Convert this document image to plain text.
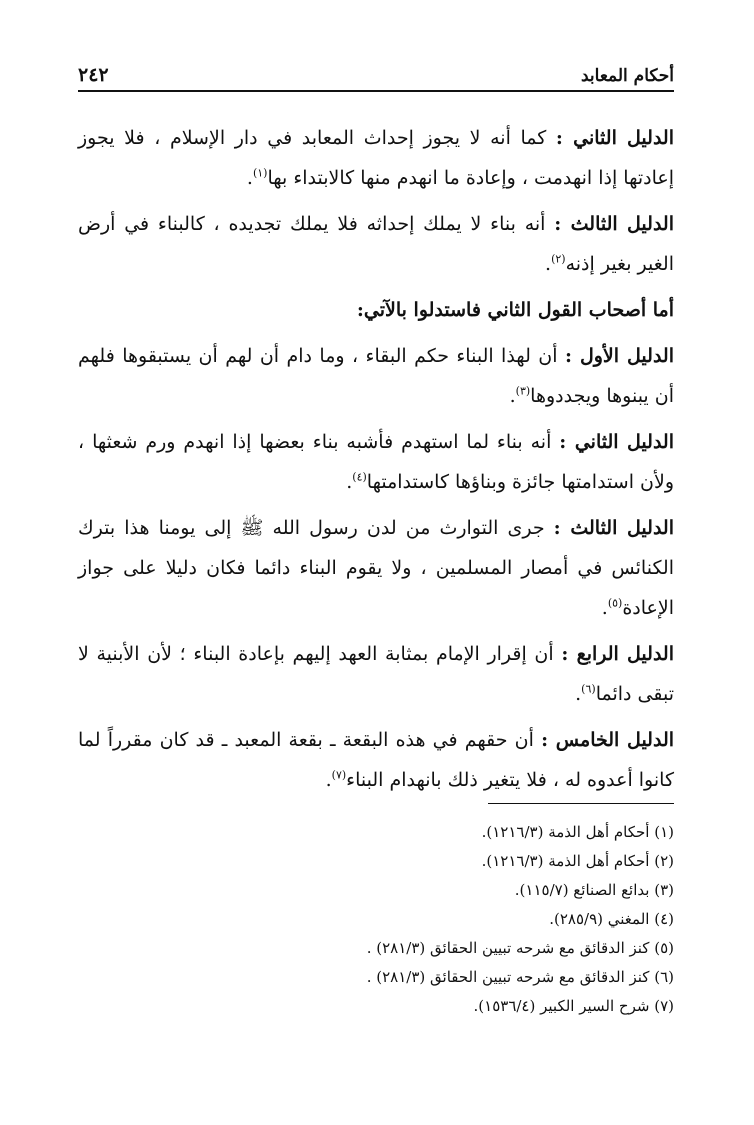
أحكام المعابد
٢٤٢

الدليل الثاني : كما أنه لا يجوز إحداث المعابد في دار الإسلام ، فلا يجوز إعادتها إذا انهدمت ، وإعادة ما انهدم منها كالابتداء بها$^{(١)}$.

الدليل الثالث : أنه بناء لا يملك إحداثه فلا يملك تجديده ، كالبناء في أرض الغير بغير إذنه$^{(٢)}$.

أما أصحاب القول الثاني فاستدلوا بالآتي:

الدليل الأول : أن لهذا البناء حكم البقاء ، وما دام أن لهم أن يستبقوها فلهم أن يبنوها ويجددوها$^{(٣)}$.

الدليل الثاني : أنه بناء لما استهدم فأشبه بناء بعضها إذا انهدم ورم شعثها ، ولأن استدامتها جائزة وبناؤها كاستدامتها$^{(٤)}$.

الدليل الثالث : جرى التوارث من لدن رسول الله ﷺ إلى يومنا هذا بترك الكنائس في أمصار المسلمين ، ولا يقوم البناء دائما فكان دليلا على جواز الإعادة$^{(٥)}$.

الدليل الرابع : أن إقرار الإمام بمثابة العهد إليهم بإعادة البناء ؛ لأن الأبنية لا تبقى دائما$^{(٦)}$.

الدليل الخامس : أن حقهم في هذه البقعة ـ بقعة المعبد ـ قد كان مقرراً لما كانوا أعدوه له ، فلا يتغير ذلك بانهدام البناء$^{(٧)}$.

(١) أحكام أهل الذمة (١٢١٦/٣).

(٢) أحكام أهل الذمة (١٢١٦/٣).

(٣) بدائع الصنائع (١١٥/٧).

(٤) المغني (٢٨٥/٩).

(٥) كنز الدقائق مع شرحه تبيين الحقائق (٢٨١/٣) .

(٦) كنز الدقائق مع شرحه تبيين الحقائق (٢٨١/٣) .

(٧) شرح السير الكبير (١٥٣٦/٤).
